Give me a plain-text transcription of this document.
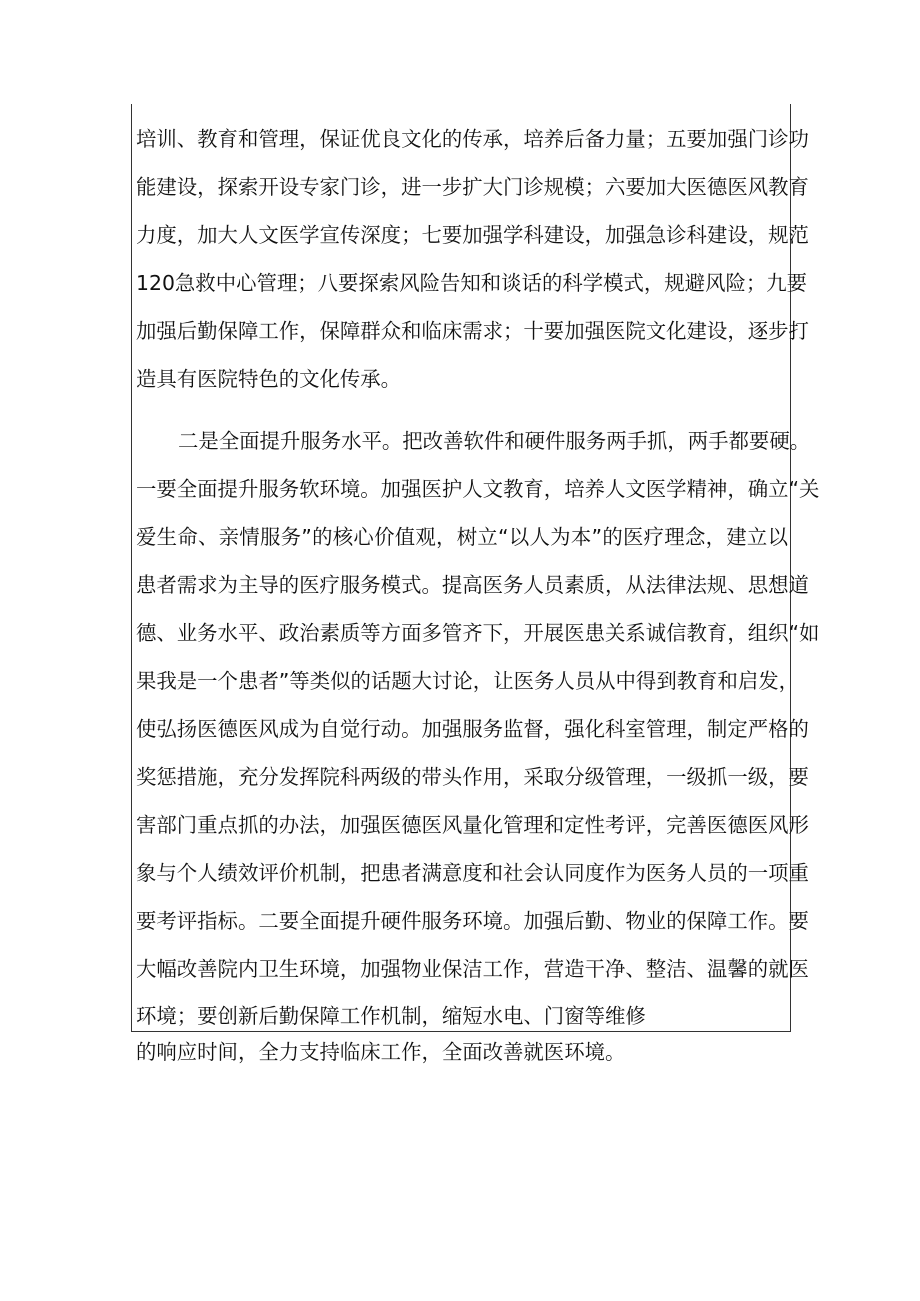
培训、教育和管理，保证优良文化的传承，培养后备力量；五要加强门诊功
能建设，探索开设专家门诊，进一步扩大门诊规模；六要加大医德医风教育
力度，加大人文医学宣传深度；七要加强学科建设，加强急诊科建设，规范
120急救中心管理；八要探索风险告知和谈话的科学模式，规避风险；九要
加强后勤保障工作，保障群众和临床需求；十要加强医院文化建设，逐步打
造具有医院特色的文化传承。
二是全面提升服务水平。把改善软件和硬件服务两手抓，两手都要硬。
一要全面提升服务软环境。加强医护人文教育，培养人文医学精神，确立“关
爱生命、亲情服务”的核心价值观，树立“以人为本”的医疗理念，建立以
患者需求为主导的医疗服务模式。提高医务人员素质，从法律法规、思想道
德、业务水平、政治素质等方面多管齐下，开展医患关系诚信教育，组织“如
果我是一个患者”等类似的话题大讨论，让医务人员从中得到教育和启发，
使弘扬医德医风成为自觉行动。加强服务监督，强化科室管理，制定严格的
奖惩措施，充分发挥院科两级的带头作用，采取分级管理，一级抓一级，要
害部门重点抓的办法，加强医德医风量化管理和定性考评，完善医德医风形
象与个人绩效评价机制，把患者满意度和社会认同度作为医务人员的一项重
要考评指标。二要全面提升硬件服务环境。加强后勤、物业的保障工作。要
大幅改善院内卫生环境，加强物业保洁工作，营造干净、整洁、温馨的就医
环境；要创新后勤保障工作机制，缩短水电、门窗等维修
的响应时间，全力支持临床工作，全面改善就医环境。
